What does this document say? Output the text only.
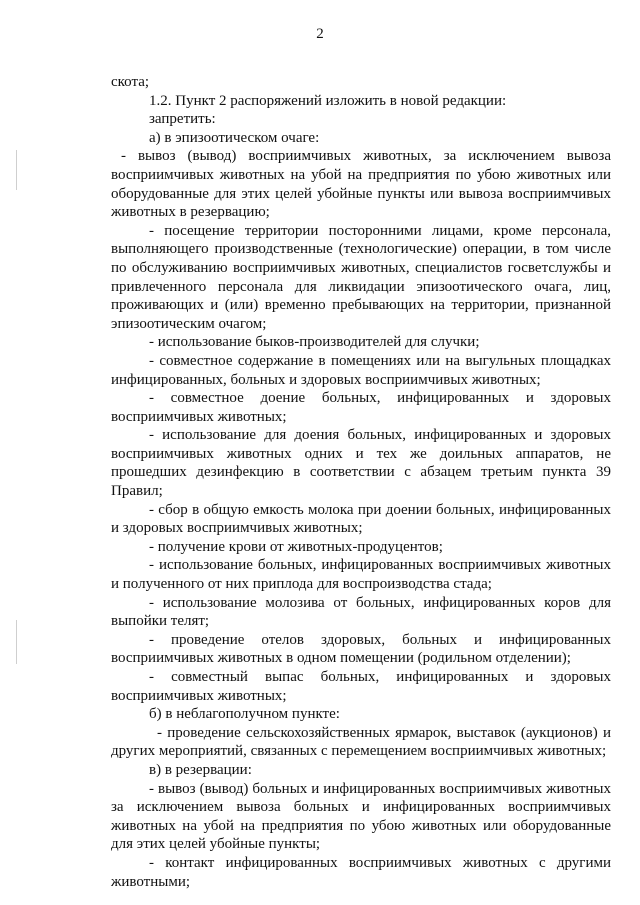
2

скота;

1.2. Пункт 2 распоряжений изложить в новой редакции:

запретить:

а) в эпизоотическом очаге:

- вывоз (вывод) восприимчивых животных, за исключением вывоза восприимчивых животных на убой на предприятия по убою животных или оборудованные для этих целей убойные пункты или вывоза восприимчивых животных в резервацию;

- посещение территории посторонними лицами, кроме персонала, выполняющего производственные (технологические) операции, в том числе по обслуживанию восприимчивых животных, специалистов госветслужбы и привлеченного персонала для ликвидации эпизоотического очага, лиц, проживающих и (или) временно пребывающих на территории, признанной эпизоотическим очагом;

- использование быков-производителей для случки;

- совместное содержание в помещениях или на выгульных площадках инфицированных, больных и здоровых восприимчивых животных;

- совместное доение больных, инфицированных и здоровых восприимчивых животных;

- использование для доения больных, инфицированных и здоровых восприимчивых животных одних и тех же доильных аппаратов, не прошедших дезинфекцию в соответствии с абзацем третьим пункта 39 Правил;

- сбор в общую емкость молока при доении больных, инфицированных и здоровых восприимчивых животных;

- получение крови от животных-продуцентов;

- использование больных, инфицированных восприимчивых животных и полученного от них приплода для воспроизводства стада;

- использование молозива от больных, инфицированных коров для выпойки телят;

- проведение отелов здоровых, больных и инфицированных восприимчивых животных в одном помещении (родильном отделении);

- совместный выпас больных, инфицированных и здоровых восприимчивых животных;

б) в неблагополучном пункте:

- проведение сельскохозяйственных ярмарок, выставок (аукционов) и других мероприятий, связанных с перемещением восприимчивых животных;

в) в резервации:

- вывоз (вывод) больных и инфицированных восприимчивых животных за исключением вывоза больных и инфицированных восприимчивых животных на убой на предприятия по убою животных или оборудованные для этих целей убойные пункты;

- контакт инфицированных восприимчивых животных с другими животными;
